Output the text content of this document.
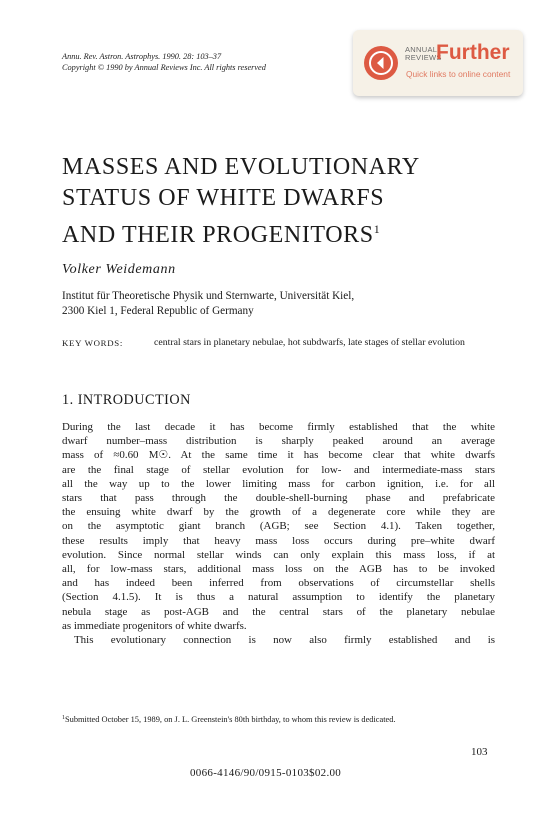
Annu. Rev. Astron. Astrophys. 1990. 28: 103–37
Copyright © 1990 by Annual Reviews Inc. All rights reserved
ANNUAL
REVIEWS
Further
Quick links to online content
MASSES AND EVOLUTIONARY
STATUS OF WHITE DWARFS
AND THEIR PROGENITORS$^1$
Volker Weidemann
Institut für Theoretische Physik und Sternwarte, Universität Kiel,
2300 Kiel 1, Federal Republic of Germany
KEY WORDS:	central stars in planetary nebulae, hot subdwarfs, late stages of stellar evolution
1. INTRODUCTION
During the last decade it has become firmly established that the white
dwarf number–mass distribution is sharply peaked around an average
mass of ≈0.60 M☉. At the same time it has become clear that white dwarfs
are the final stage of stellar evolution for low- and intermediate-mass stars
all the way up to the lower limiting mass for carbon ignition, i.e. for all
stars that pass through the double-shell-burning phase and prefabricate
the ensuing white dwarf by the growth of a degenerate core while they are
on the asymptotic giant branch (AGB; see Section 4.1). Taken together,
these results imply that heavy mass loss occurs during pre–white dwarf
evolution. Since normal stellar winds can only explain this mass loss, if at
all, for low-mass stars, additional mass loss on the AGB has to be invoked
and has indeed been inferred from observations of circumstellar shells
(Section 4.1.5). It is thus a natural assumption to identify the planetary
nebula stage as post-AGB and the central stars of the planetary nebulae
as immediate progenitors of white dwarfs.
This evolutionary connection is now also firmly established and is
$^1$Submitted October 15, 1989, on J. L. Greenstein's 80th birthday, to whom this review is dedicated.
103
0066-4146/90/0915-0103$02.00
